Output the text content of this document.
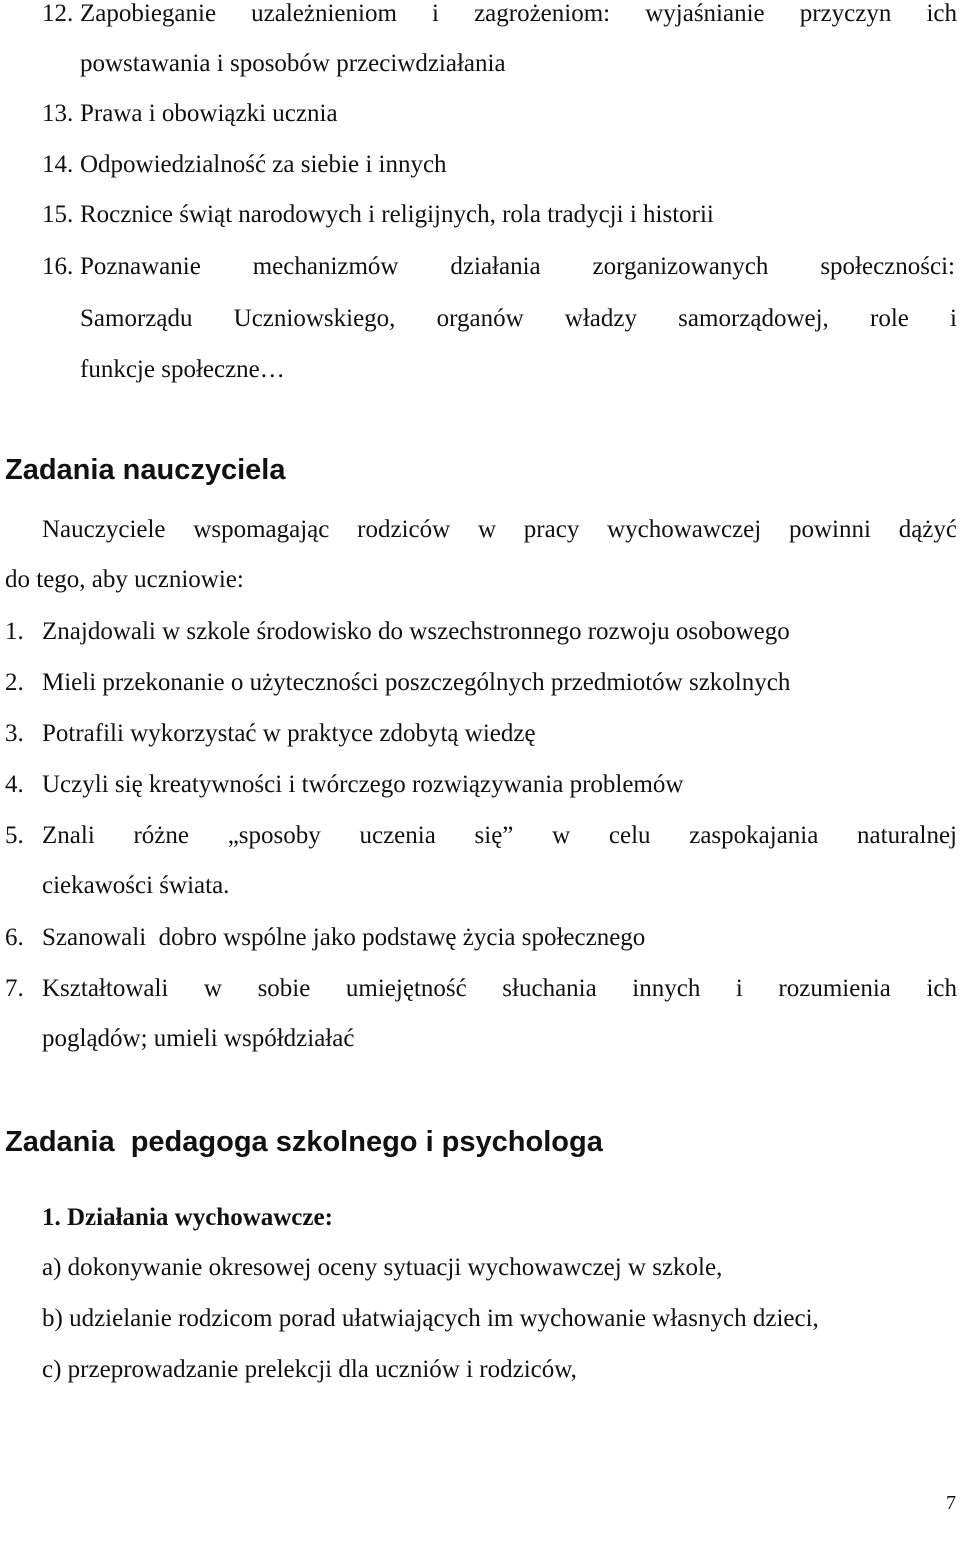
12. Zapobieganie uzależnieniom i zagrożeniom: wyjaśnianie przyczyn ich
powstawania i sposobów przeciwdziałania
13. Prawa i obowiązki ucznia
14. Odpowiedzialność za siebie i innych
15. Rocznice świąt narodowych i religijnych, rola tradycji i historii
16. Poznawanie mechanizmów działania zorganizowanych społeczności:
Samorządu Uczniowskiego, organów władzy samorządowej, role i
funkcje społeczne…
Zadania nauczyciela
Nauczyciele wspomagając rodziców w pracy wychowawczej powinni dążyć
do tego, aby uczniowie:
1. Znajdowali w szkole środowisko do wszechstronnego rozwoju osobowego
2. Mieli przekonanie o użyteczności poszczególnych przedmiotów szkolnych
3. Potrafili wykorzystać w praktyce zdobytą wiedzę
4. Uczyli się kreatywności i twórczego rozwiązywania problemów
5. Znali różne „sposoby uczenia się” w celu zaspokajania naturalnej
ciekawości świata.
6. Szanowali  dobro wspólne jako podstawę życia społecznego
7. Kształtowali w sobie umiejętność słuchania innych i rozumienia ich
poglądów; umieli współdziałać
Zadania  pedagoga szkolnego i psychologa
1. Działania wychowawcze:
a) dokonywanie okresowej oceny sytuacji wychowawczej w szkole,
b) udzielanie rodzicom porad ułatwiających im wychowanie własnych dzieci,
c) przeprowadzanie prelekcji dla uczniów i rodziców,
7
